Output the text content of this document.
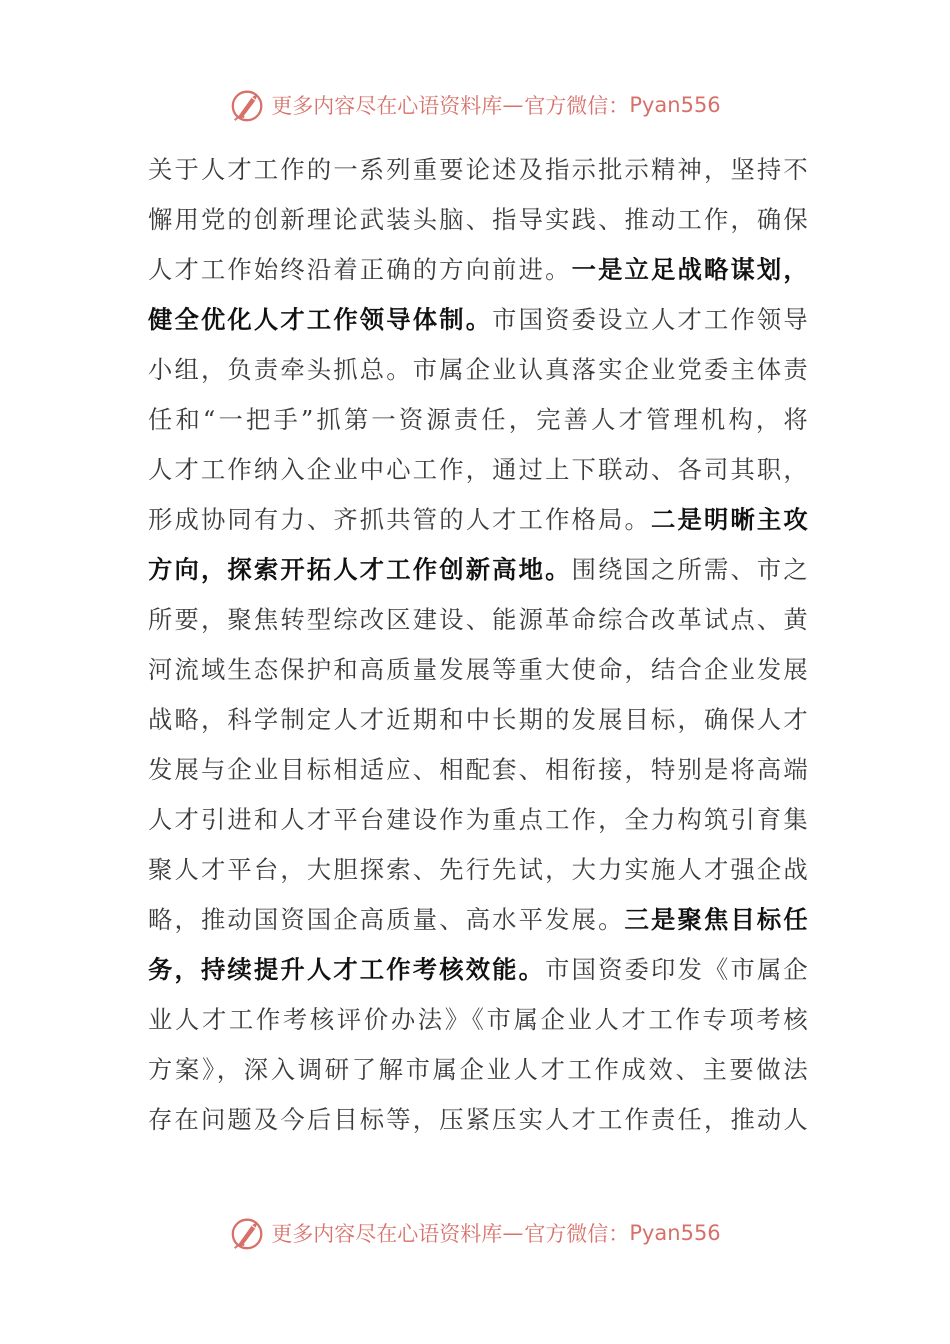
更多内容尽在心语资料库 — 官方微信： Pyan556
关于人才工作的一系列重要论述及指示批示精神，坚持不
懈用党的创新理论武装头脑、指导实践、推动工作，确保
人才工作始终沿着正确的方向前进。一是立足战略谋划，
健全优化人才工作领导体制。市国资委设立人才工作领导
小组，负责牵头抓总。市属企业认真落实企业党委主体责
任和“一把手”抓第一资源责任，完善人才管理机构，将
人才工作纳入企业中心工作，通过上下联动、各司其职，
形成协同有力、齐抓共管的人才工作格局。二是明晰主攻
方向，探索开拓人才工作创新高地。围绕国之所需、市之
所要，聚焦转型综改区建设、能源革命综合改革试点、黄
河流域生态保护和高质量发展等重大使命，结合企业发展
战略，科学制定人才近期和中长期的发展目标，确保人才
发展与企业目标相适应、相配套、相衔接，特别是将高端
人才引进和人才平台建设作为重点工作，全力构筑引育集
聚人才平台，大胆探索、先行先试，大力实施人才强企战
略，推动国资国企高质量、高水平发展。三是聚焦目标任
务，持续提升人才工作考核效能。市国资委印发《市属企
业人才工作考核评价办法》《市属企业人才工作专项考核
方案》，深入调研了解市属企业人才工作成效、主要做法
存在问题及今后目标等，压紧压实人才工作责任，推动人
更多内容尽在心语资料库 — 官方微信： Pyan556
